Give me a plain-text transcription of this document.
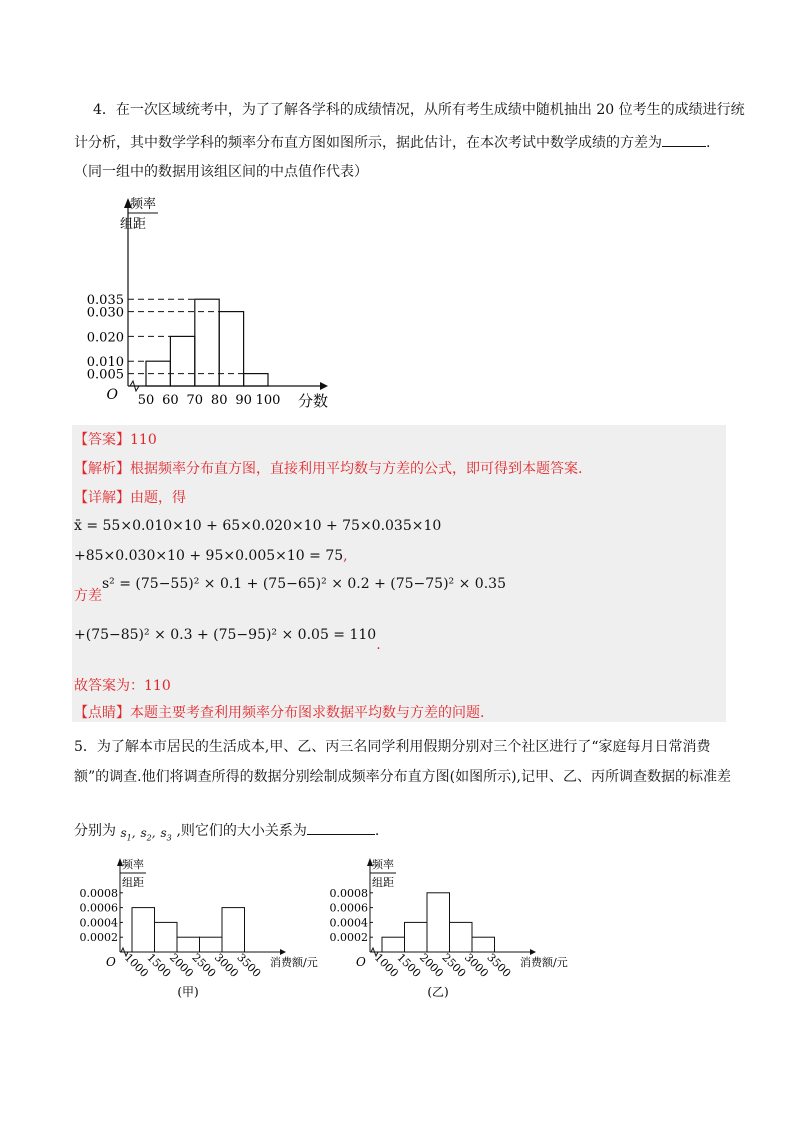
4．在一次区域统考中，为了了解各学科的成绩情况，从所有考生成绩中随机抽出 20 位考生的成绩进行统
计分析，其中数学学科的频率分布直方图如图所示，据此估计，在本次考试中数学成绩的方差为	.
（同一组中的数据用该组区间的中点值作代表）
频率
组距
0.035
0.030
0.020
0.010
0.005
50 60 70 80 90 100
O	分数
【答案】110
【解析】根据频率分布直方图，直接利用平均数与方差的公式，即可得到本题答案.
【详解】由题，得
x̄ = 55×0.010×10 + 65×0.020×10 + 75×0.035×10
+85×0.030×10 + 95×0.005×10 = 75,
方差
s² = (75−55)² × 0.1 + (75−65)² × 0.2 + (75−75)² × 0.35
+(75−85)² × 0.3 + (75−95)² × 0.05 = 110.
故答案为：110
【点睛】本题主要考查利用频率分布图求数据平均数与方差的问题.
5．为了解本市居民的生活成本,甲、乙、丙三名同学利用假期分别对三个社区进行了“家庭每月日常消费
额”的调查.他们将调查所得的数据分别绘制成频率分布直方图(如图所示),记甲、乙、丙所调查数据的标准差
分别为 $s_1$, $s_2$, $s_3$ ,则它们的大小关系为	.
频率
组距
0.0008
0.0006
0.0004
0.0002
1000
1500
2000
2500
3000
3500
O	消费额/元
(甲)
频率
组距
0.0008
0.0006
0.0004
0.0002
1000
1500
2000
2500
3000
3500
O	消费额/元
(乙)
